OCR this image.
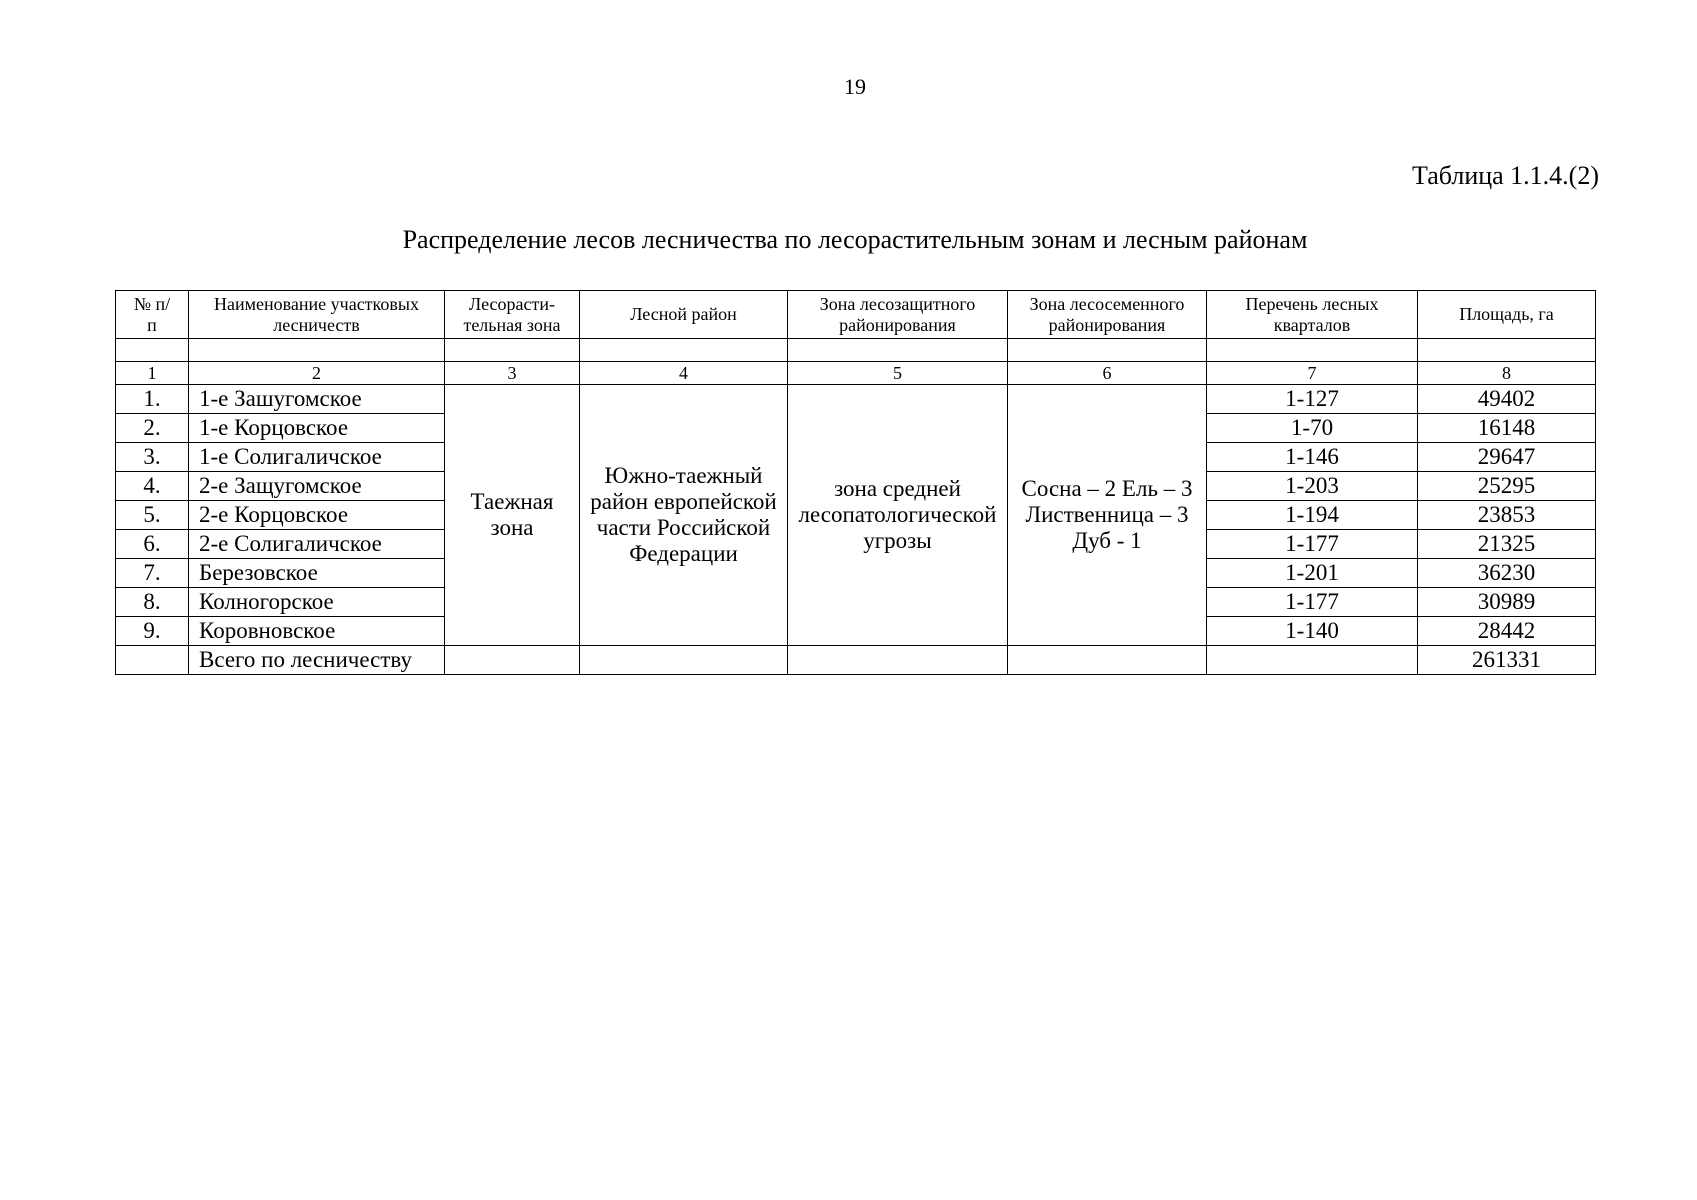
19
Таблица 1.1.4.(2)
Распределение лесов лесничества по лесорастительным зонам и лесным районам
№ п/п	Наименование участковых лесничеств	Лесорасти-тельная зона	Лесной район	Зона лесозащитного районирования	Зона лесосеменного районирования	Перечень лесных кварталов	Площадь, га

1	2	3	4	5	6	7	8
1.	1-е Зашугомское	Таежная зона	Южно-таежный район европейской части Российской Федерации	зона средней лесопатологической угрозы	Сосна – 2 Ель – 3 Лиственница – 3 Дуб - 1	1-127	49402
2.	1-е Корцовское					1-70	16148
3.	1-е Солигаличское					1-146	29647
4.	2-е Защугомское					1-203	25295
5.	2-е Корцовское					1-194	23853
6.	2-е Солигаличское					1-177	21325
7.	Березовское					1-201	36230
8.	Колногорское					1-177	30989
9.	Коровновское					1-140	28442
	Всего по лесничеству						261331
